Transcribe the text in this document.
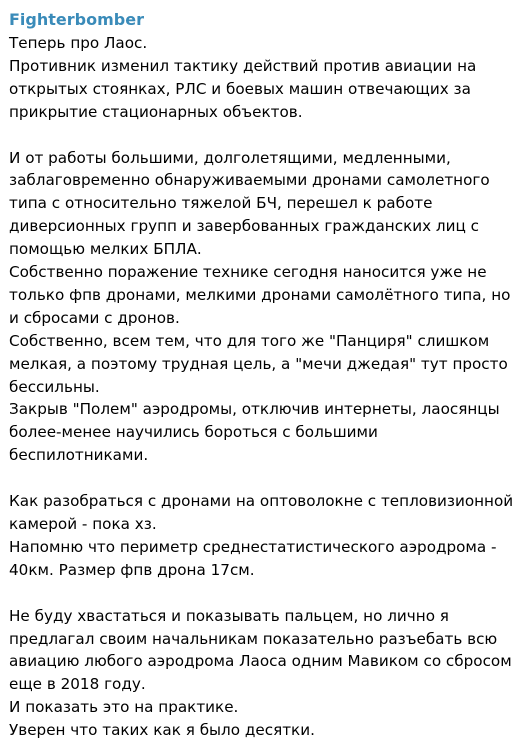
Fighterbomber

Теперь про Лаос.

Противник изменил тактику действий против авиации на открытых стоянках, РЛС и боевых машин отвечающих за прикрытие стационарных объектов.

И от работы большими, долголетящими, медленными, заблаговременно обнаруживаемыми дронами самолетного типа с относительно тяжелой БЧ, перешел к работе диверсионных групп и завербованных гражданских лиц с помощью мелких БПЛА.

Собственно поражение технике сегодня наносится уже не только фпв дронами, мелкими дронами самолётного типа, но и сбросами с дронов.

Собственно, всем тем, что для того же "Панциря" слишком мелкая, а поэтому трудная цель, а "мечи джедая" тут просто бессильны.

Закрыв "Полем" аэродромы, отключив интернеты, лаосянцы более-менее научились бороться с большими беспилотниками.

Как разобраться с дронами на оптоволокне с тепловизионной камерой - пока хз.

Напомню что периметр среднестатистического аэродрома - 40км. Размер фпв дрона 17см.

Не буду хвастаться и показывать пальцем, но лично я предлагал своим начальникам показательно разъебать всю авиацию любого аэродрома Лаоса одним Мавиком со сбросом еще в 2018 году.

И показать это на практике.

Уверен что таких как я было десятки.
